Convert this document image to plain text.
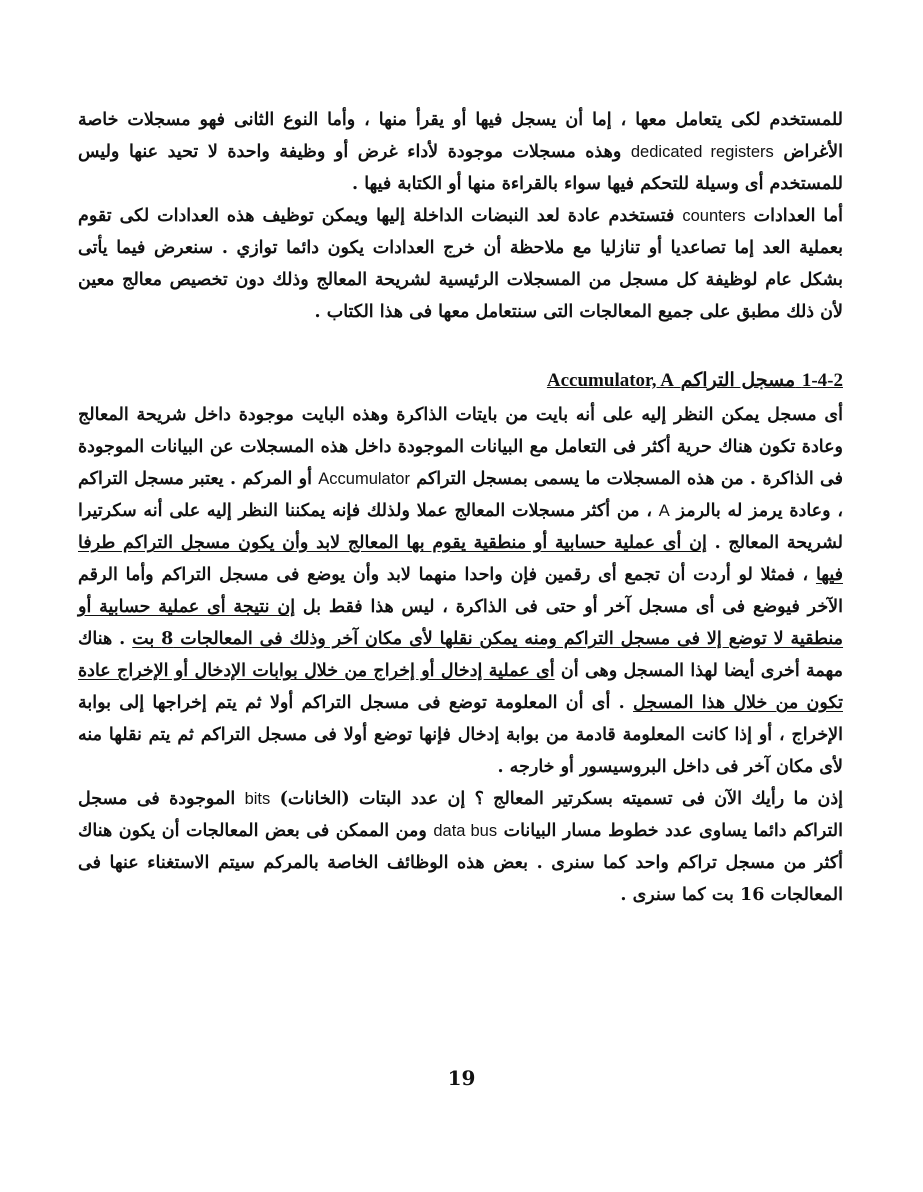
للمستخدم لكى يتعامل معها ، إما أن يسجل فيها أو يقرأ منها ، وأما النوع الثانى فهو مسجلات خاصة الأغراض dedicated registers وهذه مسجلات موجودة لأداء غرض أو وظيفة واحدة لا تحيد عنها وليس للمستخدم أى وسيلة للتحكم فيها سواء بالقراءة منها أو الكتابة فيها .

أما العدادات counters فتستخدم عادة لعد النبضات الداخلة إليها ويمكن توظيف هذه العدادات لكى تقوم بعملية العد إما تصاعديا أو تنازليا مع ملاحظة أن خرج العدادات يكون دائما توازي . سنعرض فيما يأتى بشكل عام لوظيفة كل مسجل من المسجلات الرئيسية لشريحة المعالج وذلك دون تخصيص معالج معين لأن ذلك مطبق على جميع المعالجات التى سنتعامل معها فى هذا الكتاب .

1-4-2 مسجل التراكم Accumulator, A

أى مسجل يمكن النظر إليه على أنه بايت من بايتات الذاكرة وهذه البايت موجودة داخل شريحة المعالج وعادة تكون هناك حرية أكثر فى التعامل مع البيانات الموجودة داخل هذه المسجلات عن البيانات الموجودة فى الذاكرة . من هذه المسجلات ما يسمى بمسجل التراكم Accumulator أو المركم . يعتبر مسجل التراكم ، وعادة يرمز له بالرمز A ، من أكثر مسجلات المعالج عملا ولذلك فإنه يمكننا النظر إليه على أنه سكرتيرا لشريحة المعالج . إن أى عملية حسابية أو منطقية يقوم بها المعالج لابد وأن يكون مسجل التراكم طرفا فيها ، فمثلا لو أردت أن تجمع أى رقمين فإن واحدا منهما لابد وأن يوضع فى مسجل التراكم وأما الرقم الآخر فيوضع فى أى مسجل آخر أو حتى فى الذاكرة ، ليس هذا فقط بل إن نتيجة أى عملية حسابية أو منطقية لا توضع إلا فى مسجل التراكم ومنه يمكن نقلها لأى مكان آخر وذلك فى المعالجات 8 بت . هناك مهمة أخرى أيضا لهذا المسجل وهى أن أى عملية إدخال أو إخراج من خلال بوابات الإدخال أو الإخراج عادة تكون من خلال هذا المسجل . أى أن المعلومة توضع فى مسجل التراكم أولا ثم يتم إخراجها إلى بوابة الإخراج ، أو إذا كانت المعلومة قادمة من بوابة إدخال فإنها توضع أولا فى مسجل التراكم ثم يتم نقلها منه لأى مكان آخر فى داخل البروسيسور أو خارجه .

إذن ما رأيك الآن فى تسميته بسكرتير المعالج ؟ إن عدد البتات (الخانات) bits الموجودة فى مسجل التراكم دائما يساوى عدد خطوط مسار البيانات data bus ومن الممكن فى بعض المعالجات أن يكون هناك أكثر من مسجل تراكم واحد كما سنرى . بعض هذه الوظائف الخاصة بالمركم سيتم الاستغناء عنها فى المعالجات 16 بت كما سنرى .

19
